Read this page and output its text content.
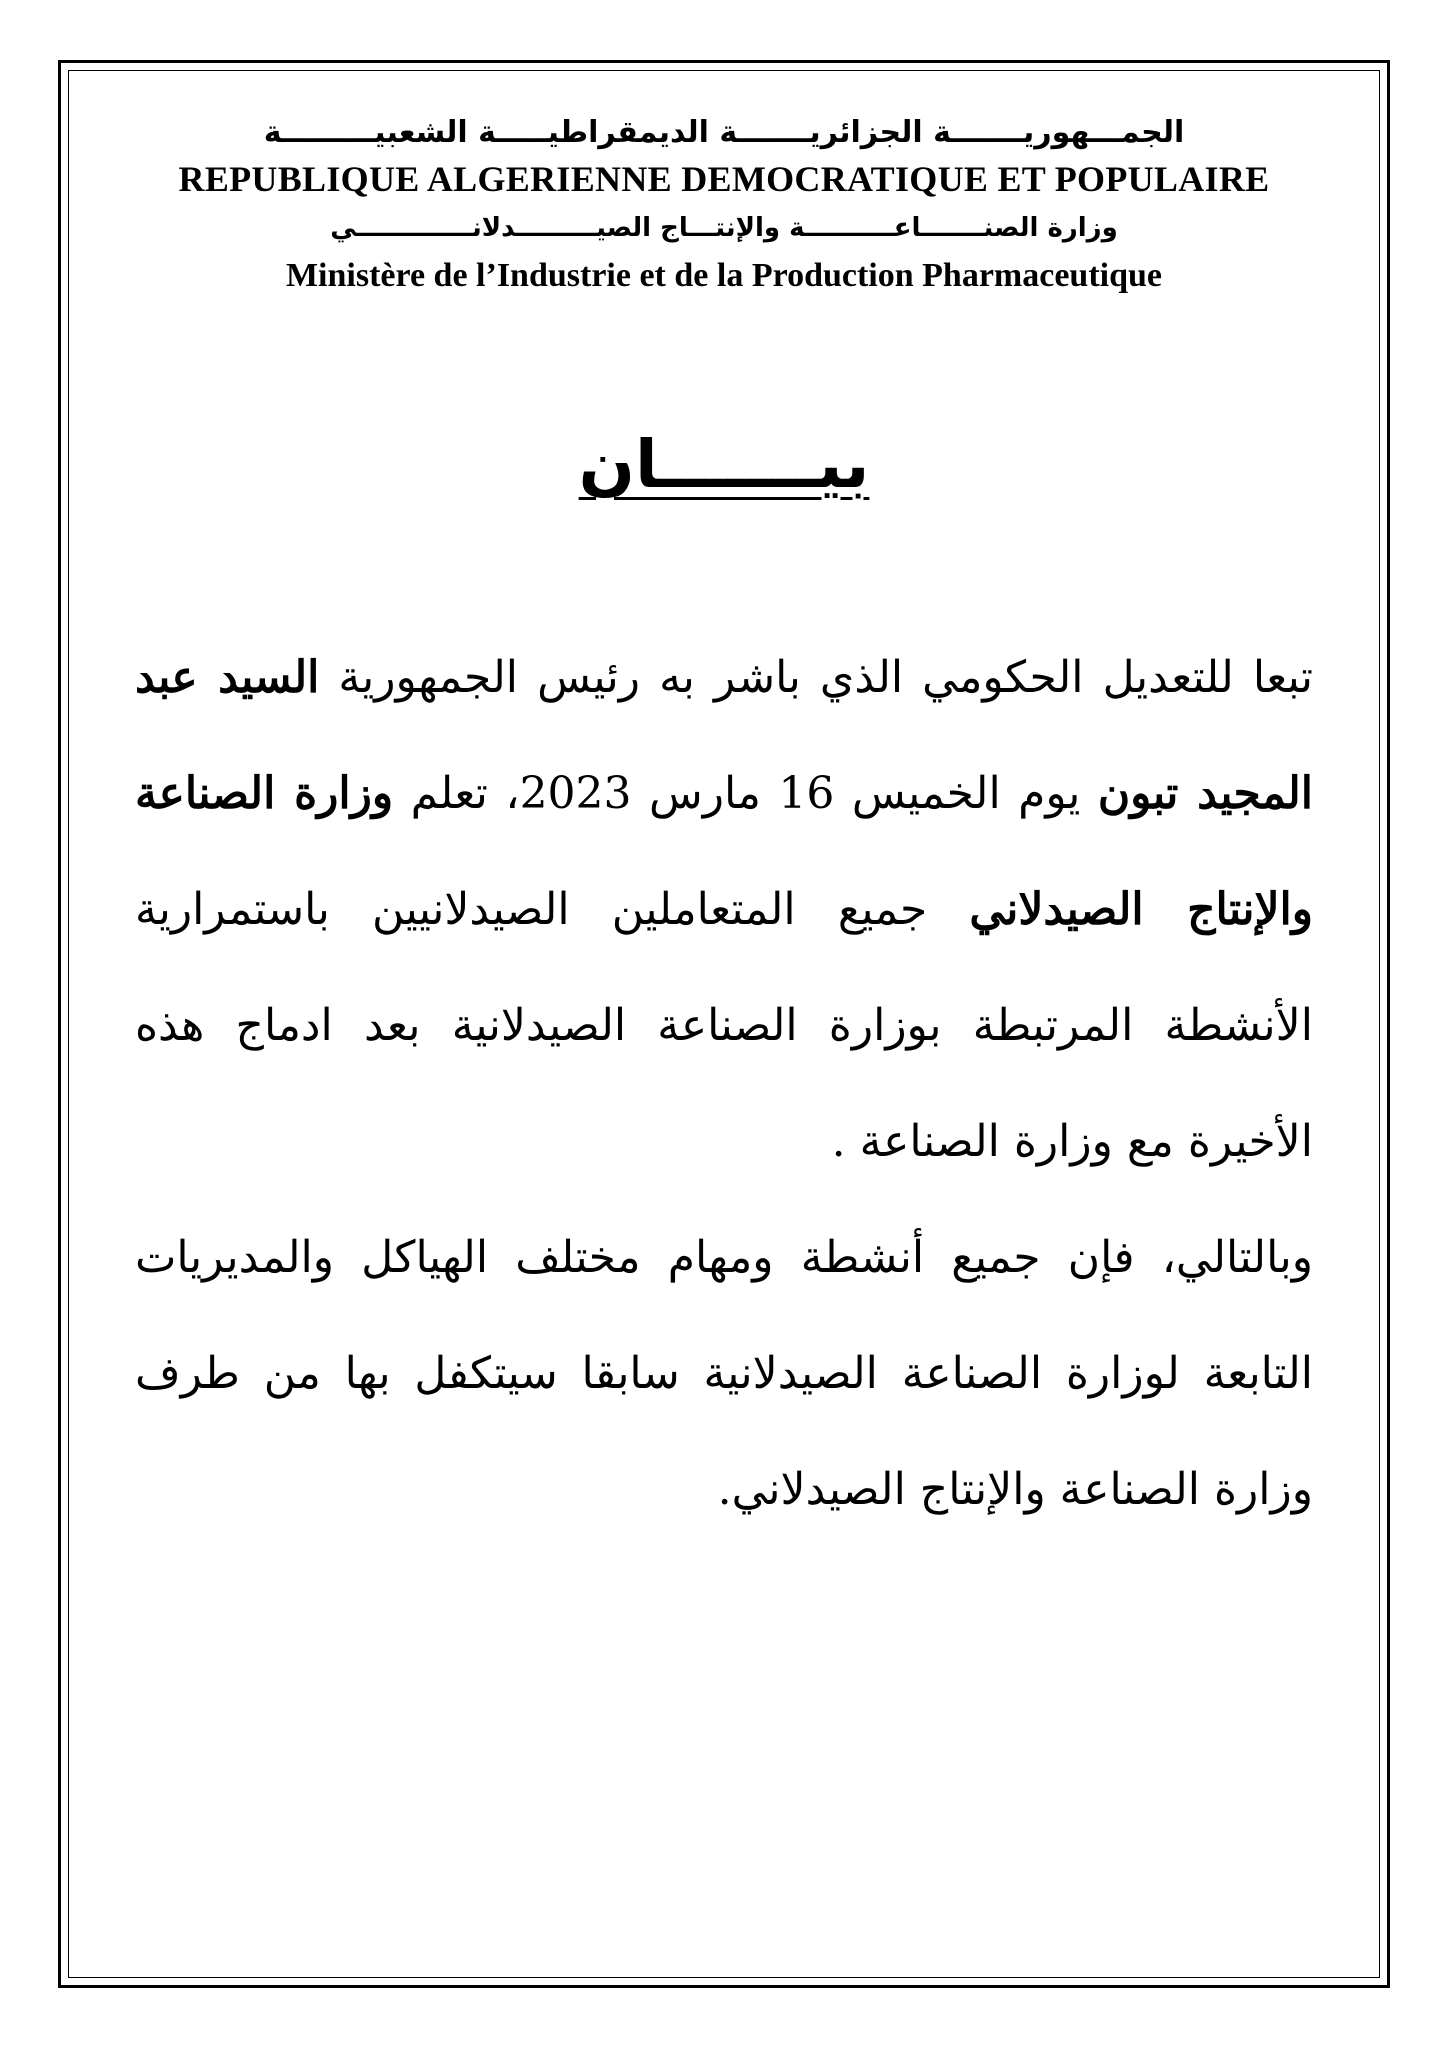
الجمـــهوريـــــــة الجزائريـــــــة الديمقراطيـــــة الشعبيـــــــــة
REPUBLIQUE ALGERIENNE DEMOCRATIQUE ET POPULAIRE
وزارة الصنـــــــاعــــــــــة والإنتـــاج الصيـــــــــدلانـــــــــــــي
Ministère de l’Industrie et de la Production Pharmaceutique
بيـــــــان

تبعا للتعديل الحكومي الذي باشر به رئيس الجمهورية السيد عبد المجيد تبون يوم الخميس 16 مارس 2023، تعلم وزارة الصناعة والإنتاج الصيدلاني جميع المتعاملين الصيدلانيين باستمرارية الأنشطة المرتبطة بوزارة الصناعة الصيدلانية بعد ادماج هذه الأخيرة مع وزارة الصناعة .

وبالتالي، فإن جميع أنشطة ومهام مختلف الهياكل والمديريات التابعة لوزارة الصناعة الصيدلانية سابقا سيتكفل بها من طرف وزارة الصناعة والإنتاج الصيدلاني.
